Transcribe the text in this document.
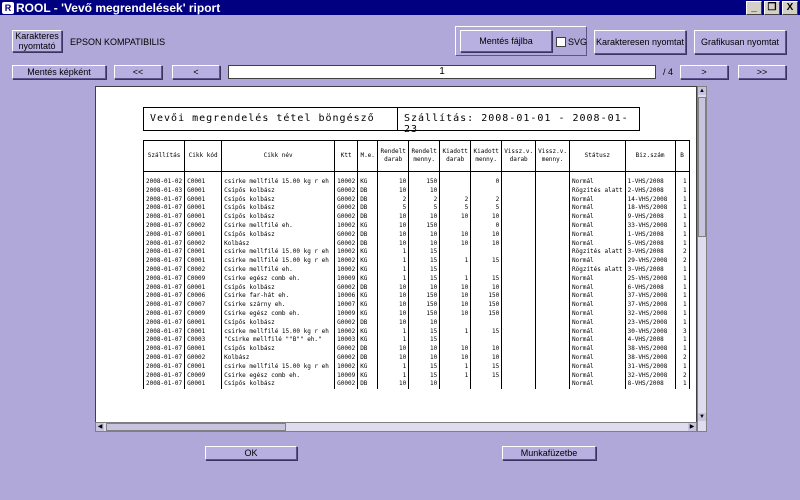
R ROOL - 'Vevő megrendelések' riport	_	❐	X
Karakteres nyomtató	EPSON KOMPATIBILIS	Mentés fájlba	SVG Karakteresen nyomtat	Grafikusan nyomtat
Mentés képként	<<	<	1	/ 4	>	>>
Vevői megrendelés tétel böngésző	Szállítás: 2008-01-01 - 2008-01-23
Szállítás	Cikk kód	Cikk név	Ktt	M.e.	Rendelt darab	Rendelt menny.	Kiadott darab	Kiadott menny.	Vissz.v. darab	Vissz.v. menny.	Státusz	Biz.szám	B

2008-01-02	C0001	csirke mellfilé 15.00 kg r eh	10002	KG	10	150		0			Normál	1-VHS/2008	1
2008-01-03	G0001	Csípős kolbász	G0002	DB	10	10					Rögzítés alatt	2-VHS/2008	1
2008-01-07	G0001	Csípős kolbász	G0002	DB	2	2	2	2			Normál	14-VHS/2008	1
2008-01-07	G0001	Csípős kolbász	G0002	DB	5	5	5	5			Normál	18-VHS/2008	1
2008-01-07	G0001	Csípős kolbász	G0002	DB	10	10	10	10			Normál	9-VHS/2008	1
2008-01-07	C0002	Csirke mellfilé eh.	10002	KG	10	150		0			Normál	33-VHS/2008	1
2008-01-07	G0001	Csípős kolbász	G0002	DB	10	10	10	10			Normál	1-VHS/2008	1
2008-01-07	G0002	Kolbász	G0002	DB	10	10	10	10			Normál	5-VHS/2008	1
2008-01-07	C0001	csirke mellfilé 15.00 kg r eh	10002	KG	1	15					Rögzítés alatt	3-VHS/2008	2
2008-01-07	C0001	csirke mellfilé 15.00 kg r eh	10002	KG	1	15	1	15			Normál	29-VHS/2008	2
2008-01-07	C0002	Csirke mellfilé eh.	10002	KG	1	15					Rögzítés alatt	3-VHS/2008	1
2008-01-07	C0009	Csirke egész comb eh.	10009	KG	1	15	1	15			Normál	25-VHS/2008	1
2008-01-07	G0001	Csípős kolbász	G0002	DB	10	10	10	10			Normál	6-VHS/2008	1
2008-01-07	C0006	Csirke far-hát eh.	10006	KG	10	150	10	150			Normál	37-VHS/2008	1
2008-01-07	C0007	Csirke szárny eh.	10007	KG	10	150	10	150			Normál	37-VHS/2008	1
2008-01-07	C0009	Csirke egész comb eh.	10009	KG	10	150	10	150			Normál	32-VHS/2008	1
2008-01-07	G0001	Csípős kolbász	G0002	DB	10	10					Normál	23-VHS/2008	1
2008-01-07	C0001	csirke mellfilé 15.00 kg r eh	10002	KG	1	15	1	15			Normál	30-VHS/2008	3
2008-01-07	C0003	"Csirke mellfilé ""B"" eh."	10003	KG	1	15					Normál	4-VHS/2008	1
2008-01-07	G0001	Csípős kolbász	G0002	DB	10	10	10	10			Normál	38-VHS/2008	1
2008-01-07	G0002	Kolbász	G0002	DB	10	10	10	10			Normál	38-VHS/2008	2
2008-01-07	C0001	csirke mellfilé 15.00 kg r eh	10002	KG	1	15	1	15			Normál	31-VHS/2008	1
2008-01-07	C0009	Csirke egész comb eh.	10009	KG	1	15	1	15			Normál	32-VHS/2008	2
2008-01-07	G0001	Csípős kolbász	G0002	DB	10	10					Normál	8-VHS/2008	1
▲
▼
◀	▶
OK	Munkafüzetbe
